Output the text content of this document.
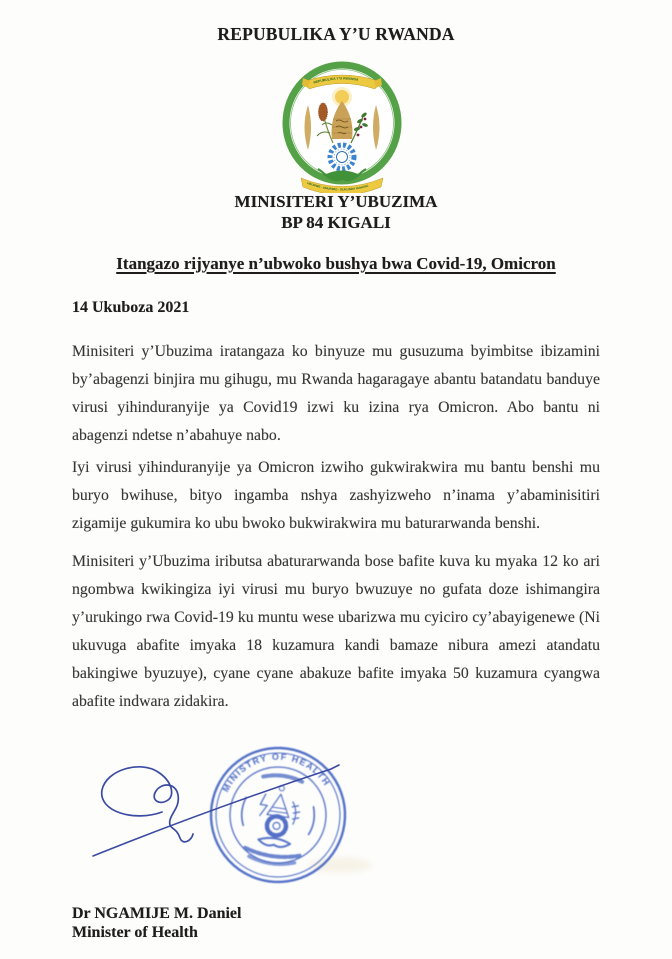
REPUBULIKA Y’U RWANDA
REPUBULIKA Y’U RWANDA
UBUMWE - UMURIMO - GUKUNDA IGIHUGU
MINISITERI Y’UBUZIMA
BP 84 KIGALI
Itangazo rijyanye n’ubwoko bushya bwa Covid-19, Omicron
14 Ukuboza 2021

Minisiteri y’Ubuzima iratangaza ko binyuze mu gusuzuma byimbitse ibizamini by’abagenzi binjira mu gihugu, mu Rwanda hagaragaye abantu batandatu banduye virusi yihinduranyije ya Covid19 izwi ku izina rya Omicron. Abo bantu ni abagenzi ndetse n’abahuye nabo.

Iyi virusi yihinduranyije ya Omicron izwiho gukwirakwira mu bantu benshi mu buryo bwihuse, bityo ingamba nshya zashyizweho n’inama y’abaminisitiri zigamije gukumira ko ubu bwoko bukwirakwira mu baturarwanda benshi.

Minisiteri y’Ubuzima iributsa abaturarwanda bose bafite kuva ku myaka 12 ko ari ngombwa kwikingiza iyi virusi mu buryo bwuzuye no gufata doze ishimangira y’urukingo rwa Covid-19 ku muntu wese ubarizwa mu cyiciro cy’abayigenewe (Ni ukuvuga abafite imyaka 18 kuzamura kandi bamaze nibura amezi atandatu bakingiwe byuzuye), cyane cyane abakuze bafite imyaka 50 kuzamura cyangwa abafite indwara zidakira.

MINISTRY OF HEALTH
Dr NGAMIJE M. Daniel
Minister of Health
